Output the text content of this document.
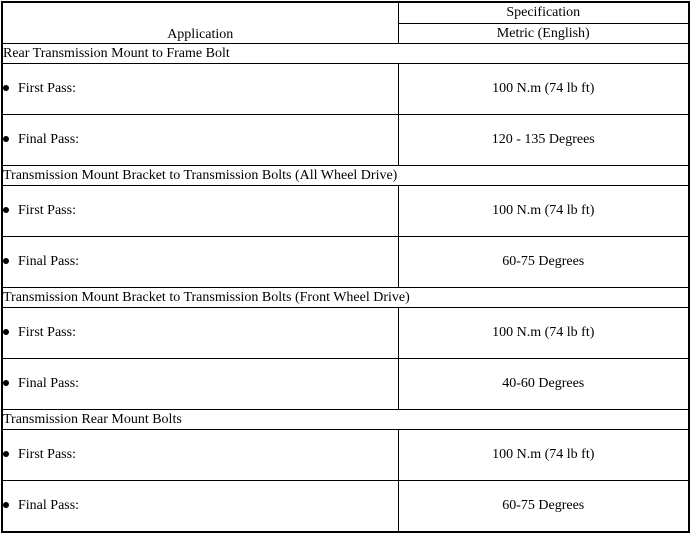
Application	Specification
	Metric (English)
Rear Transmission Mount to Frame Bolt	
First Pass:	100 N.m (74 lb ft)
Final Pass:	120 - 135 Degrees
Transmission Mount Bracket to Transmission Bolts (All Wheel Drive)	
First Pass:	100 N.m (74 lb ft)
Final Pass:	60-75 Degrees
Transmission Mount Bracket to Transmission Bolts (Front Wheel Drive)	
First Pass:	100 N.m (74 lb ft)
Final Pass:	40-60 Degrees
Transmission Rear Mount Bolts	
First Pass:	100 N.m (74 lb ft)
Final Pass:	60-75 Degrees
